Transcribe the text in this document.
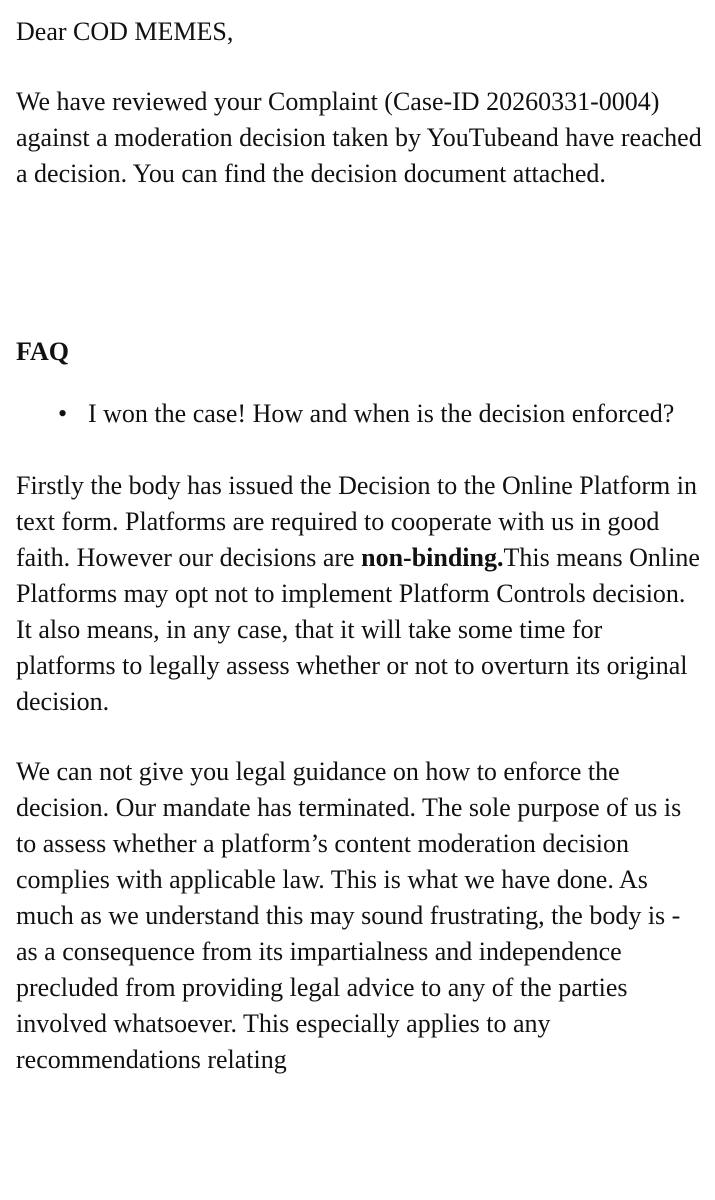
Dear COD MEMES,

We have reviewed your Complaint (Case-ID 20260331-0004) against a moderation decision taken by YouTubeand have reached a decision. You can find the decision document attached.

FAQ

• I won the case! How and when is the decision enforced?

Firstly the body has issued the Decision to the Online Platform in text form. Platforms are required to cooperate with us in good faith. However our decisions are non-binding.This means Online Platforms may opt not to implement Platform Controls decision. It also means, in any case, that it will take some time for platforms to legally assess whether or not to overturn its original decision.

We can not give you legal guidance on how to enforce the decision. Our mandate has terminated. The sole purpose of us is to assess whether a platform’s content moderation decision complies with applicable law. This is what we have done. As much as we understand this may sound frustrating, the body is - as a consequence from its impartialness and independence precluded from providing legal advice to any of the parties involved whatsoever. This especially applies to any recommendations relating
